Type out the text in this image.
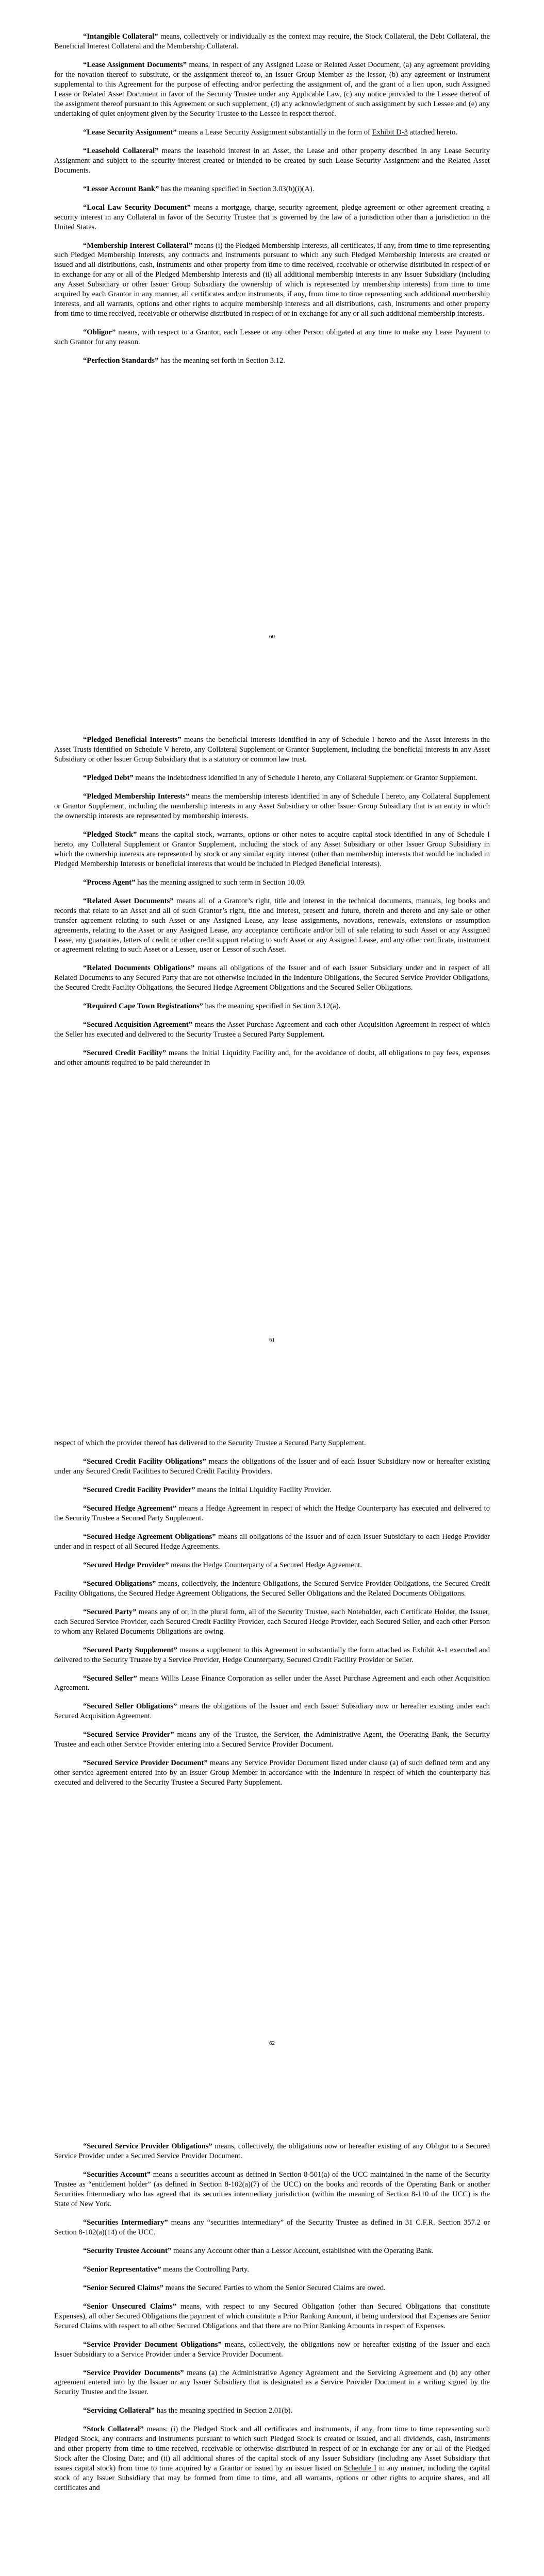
“Intangible Collateral” means, collectively or individually as the context may require, the Stock Collateral, the Debt Collateral, the Beneficial Interest Collateral and the Membership Collateral.

“Lease Assignment Documents” means, in respect of any Assigned Lease or Related Asset Document, (a) any agreement providing for the novation thereof to substitute, or the assignment thereof to, an Issuer Group Member as the lessor, (b) any agreement or instrument supplemental to this Agreement for the purpose of effecting and/or perfecting the assignment of, and the grant of a lien upon, such Assigned Lease or Related Asset Document in favor of the Security Trustee under any Applicable Law, (c) any notice provided to the Lessee thereof of the assignment thereof pursuant to this Agreement or such supplement, (d) any acknowledgment of such assignment by such Lessee and (e) any undertaking of quiet enjoyment given by the Security Trustee to the Lessee in respect thereof.

“Lease Security Assignment” means a Lease Security Assignment substantially in the form of Exhibit D-3 attached hereto.

“Leasehold Collateral” means the leasehold interest in an Asset, the Lease and other property described in any Lease Security Assignment and subject to the security interest created or intended to be created by such Lease Security Assignment and the Related Asset Documents.

“Lessor Account Bank” has the meaning specified in Section 3.03(b)(i)(A).

“Local Law Security Document” means a mortgage, charge, security agreement, pledge agreement or other agreement creating a security interest in any Collateral in favor of the Security Trustee that is governed by the law of a jurisdiction other than a jurisdiction in the United States.

“Membership Interest Collateral” means (i) the Pledged Membership Interests, all certificates, if any, from time to time representing such Pledged Membership Interests, any contracts and instruments pursuant to which any such Pledged Membership Interests are created or issued and all distributions, cash, instruments and other property from time to time received, receivable or otherwise distributed in respect of or in exchange for any or all of the Pledged Membership Interests and (ii) all additional membership interests in any Issuer Subsidiary (including any Asset Subsidiary or other Issuer Group Subsidiary the ownership of which is represented by membership interests) from time to time acquired by each Grantor in any manner, all certificates and/or instruments, if any, from time to time representing such additional membership interests, and all warrants, options and other rights to acquire membership interests and all distributions, cash, instruments and other property from time to time received, receivable or otherwise distributed in respect of or in exchange for any or all such additional membership interests.

“Obligor” means, with respect to a Grantor, each Lessee or any other Person obligated at any time to make any Lease Payment to such Grantor for any reason.

“Perfection Standards” has the meaning set forth in Section 3.12.

60

“Pledged Beneficial Interests” means the beneficial interests identified in any of Schedule I hereto and the Asset Interests in the Asset Trusts identified on Schedule V hereto, any Collateral Supplement or Grantor Supplement, including the beneficial interests in any Asset Subsidiary or other Issuer Group Subsidiary that is a statutory or common law trust.

“Pledged Debt” means the indebtedness identified in any of Schedule I hereto, any Collateral Supplement or Grantor Supplement.

“Pledged Membership Interests” means the membership interests identified in any of Schedule I hereto, any Collateral Supplement or Grantor Supplement, including the membership interests in any Asset Subsidiary or other Issuer Group Subsidiary that is an entity in which the ownership interests are represented by membership interests.

“Pledged Stock” means the capital stock, warrants, options or other notes to acquire capital stock identified in any of Schedule I hereto, any Collateral Supplement or Grantor Supplement, including the stock of any Asset Subsidiary or other Issuer Group Subsidiary in which the ownership interests are represented by stock or any similar equity interest (other than membership interests that would be included in Pledged Membership Interests or beneficial interests that would be included in Pledged Beneficial Interests).

“Process Agent” has the meaning assigned to such term in Section 10.09.

“Related Asset Documents” means all of a Grantor’s right, title and interest in the technical documents, manuals, log books and records that relate to an Asset and all of such Grantor’s right, title and interest, present and future, therein and thereto and any sale or other transfer agreement relating to such Asset or any Assigned Lease, any lease assignments, novations, renewals, extensions or assumption agreements, relating to the Asset or any Assigned Lease, any acceptance certificate and/or bill of sale relating to such Asset or any Assigned Lease, any guaranties, letters of credit or other credit support relating to such Asset or any Assigned Lease, and any other certificate, instrument or agreement relating to such Asset or a Lessee, user or Lessor of such Asset.

“Related Documents Obligations” means all obligations of the Issuer and of each Issuer Subsidiary under and in respect of all Related Documents to any Secured Party that are not otherwise included in the Indenture Obligations, the Secured Service Provider Obligations, the Secured Credit Facility Obligations, the Secured Hedge Agreement Obligations and the Secured Seller Obligations.

“Required Cape Town Registrations” has the meaning specified in Section 3.12(a).

“Secured Acquisition Agreement” means the Asset Purchase Agreement and each other Acquisition Agreement in respect of which the Seller has executed and delivered to the Security Trustee a Secured Party Supplement.

“Secured Credit Facility” means the Initial Liquidity Facility and, for the avoidance of doubt, all obligations to pay fees, expenses and other amounts required to be paid thereunder in

61

respect of which the provider thereof has delivered to the Security Trustee a Secured Party Supplement.

“Secured Credit Facility Obligations” means the obligations of the Issuer and of each Issuer Subsidiary now or hereafter existing under any Secured Credit Facilities to Secured Credit Facility Providers.

“Secured Credit Facility Provider” means the Initial Liquidity Facility Provider.

“Secured Hedge Agreement” means a Hedge Agreement in respect of which the Hedge Counterparty has executed and delivered to the Security Trustee a Secured Party Supplement.

“Secured Hedge Agreement Obligations” means all obligations of the Issuer and of each Issuer Subsidiary to each Hedge Provider under and in respect of all Secured Hedge Agreements.

“Secured Hedge Provider” means the Hedge Counterparty of a Secured Hedge Agreement.

“Secured Obligations” means, collectively, the Indenture Obligations, the Secured Service Provider Obligations, the Secured Credit Facility Obligations, the Secured Hedge Agreement Obligations, the Secured Seller Obligations and the Related Documents Obligations.

“Secured Party” means any of or, in the plural form, all of the Security Trustee, each Noteholder, each Certificate Holder, the Issuer, each Secured Service Provider, each Secured Credit Facility Provider, each Secured Hedge Provider, each Secured Seller, and each other Person to whom any Related Documents Obligations are owing.

“Secured Party Supplement” means a supplement to this Agreement in substantially the form attached as Exhibit A-1 executed and delivered to the Security Trustee by a Service Provider, Hedge Counterparty, Secured Credit Facility Provider or Seller.

“Secured Seller” means Willis Lease Finance Corporation as seller under the Asset Purchase Agreement and each other Acquisition Agreement.

“Secured Seller Obligations” means the obligations of the Issuer and each Issuer Subsidiary now or hereafter existing under each Secured Acquisition Agreement.

“Secured Service Provider” means any of the Trustee, the Servicer, the Administrative Agent, the Operating Bank, the Security Trustee and each other Service Provider entering into a Secured Service Provider Document.

“Secured Service Provider Document” means any Service Provider Document listed under clause (a) of such defined term and any other service agreement entered into by an Issuer Group Member in accordance with the Indenture in respect of which the counterparty has executed and delivered to the Security Trustee a Secured Party Supplement.

62

“Secured Service Provider Obligations” means, collectively, the obligations now or hereafter existing of any Obligor to a Secured Service Provider under a Secured Service Provider Document.

“Securities Account” means a securities account as defined in Section 8-501(a) of the UCC maintained in the name of the Security Trustee as “entitlement holder” (as defined in Section 8-102(a)(7) of the UCC) on the books and records of the Operating Bank or another Securities Intermediary who has agreed that its securities intermediary jurisdiction (within the meaning of Section 8-110 of the UCC) is the State of New York.

“Securities Intermediary” means any “securities intermediary” of the Security Trustee as defined in 31 C.F.R. Section 357.2 or Section 8-102(a)(14) of the UCC.

“Security Trustee Account” means any Account other than a Lessor Account, established with the Operating Bank.

“Senior Representative” means the Controlling Party.

“Senior Secured Claims” means the Secured Parties to whom the Senior Secured Claims are owed.

“Senior Unsecured Claims” means, with respect to any Secured Obligation (other than Secured Obligations that constitute Expenses), all other Secured Obligations the payment of which constitute a Prior Ranking Amount, it being understood that Expenses are Senior Secured Claims with respect to all other Secured Obligations and that there are no Prior Ranking Amounts in respect of Expenses.

“Service Provider Document Obligations” means, collectively, the obligations now or hereafter existing of the Issuer and each Issuer Subsidiary to a Service Provider under a Service Provider Document.

“Service Provider Documents” means (a) the Administrative Agency Agreement and the Servicing Agreement and (b) any other agreement entered into by the Issuer or any Issuer Subsidiary that is designated as a Service Provider Document in a writing signed by the Security Trustee and the Issuer.

“Servicing Collateral” has the meaning specified in Section 2.01(b).

“Stock Collateral” means: (i) the Pledged Stock and all certificates and instruments, if any, from time to time representing such Pledged Stock, any contracts and instruments pursuant to which such Pledged Stock is created or issued, and all dividends, cash, instruments and other property from time to time received, receivable or otherwise distributed in respect of or in exchange for any or all of the Pledged Stock after the Closing Date; and (ii) all additional shares of the capital stock of any Issuer Subsidiary (including any Asset Subsidiary that issues capital stock) from time to time acquired by a Grantor or issued by an issuer listed on Schedule I in any manner, including the capital stock of any Issuer Subsidiary that may be formed from time to time, and all warrants, options or other rights to acquire shares, and all certificates and
